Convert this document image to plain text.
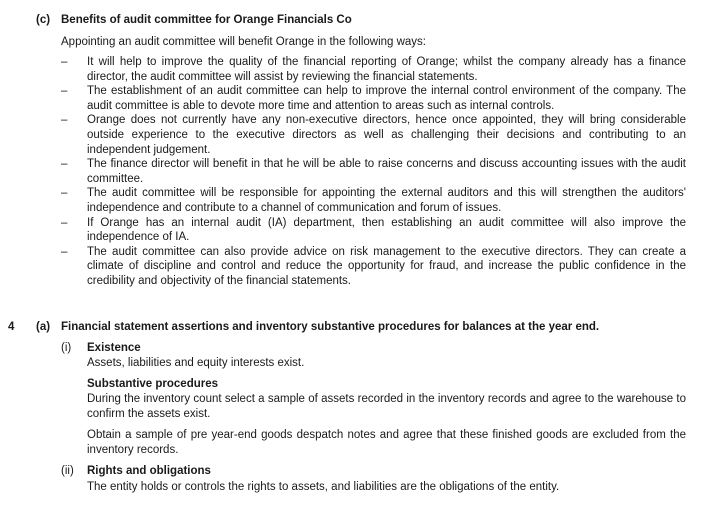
(c) Benefits of audit committee for Orange Financials Co
Appointing an audit committee will benefit Orange in the following ways:
– It will help to improve the quality of the financial reporting of Orange; whilst the company already has a finance director, the audit committee will assist by reviewing the financial statements.
– The establishment of an audit committee can help to improve the internal control environment of the company. The audit committee is able to devote more time and attention to areas such as internal controls.
– Orange does not currently have any non-executive directors, hence once appointed, they will bring considerable outside experience to the executive directors as well as challenging their decisions and contributing to an independent judgement.
– The finance director will benefit in that he will be able to raise concerns and discuss accounting issues with the audit committee.
– The audit committee will be responsible for appointing the external auditors and this will strengthen the auditors' independence and contribute to a channel of communication and forum of issues.
– If Orange has an internal audit (IA) department, then establishing an audit committee will also improve the independence of IA.
– The audit committee can also provide advice on risk management to the executive directors. They can create a climate of discipline and control and reduce the opportunity for fraud, and increase the public confidence in the credibility and objectivity of the financial statements.
4 (a) Financial statement assertions and inventory substantive procedures for balances at the year end.
(i) Existence
Assets, liabilities and equity interests exist.
Substantive procedures
During the inventory count select a sample of assets recorded in the inventory records and agree to the warehouse to confirm the assets exist.
Obtain a sample of pre year-end goods despatch notes and agree that these finished goods are excluded from the inventory records.
(ii) Rights and obligations
The entity holds or controls the rights to assets, and liabilities are the obligations of the entity.
